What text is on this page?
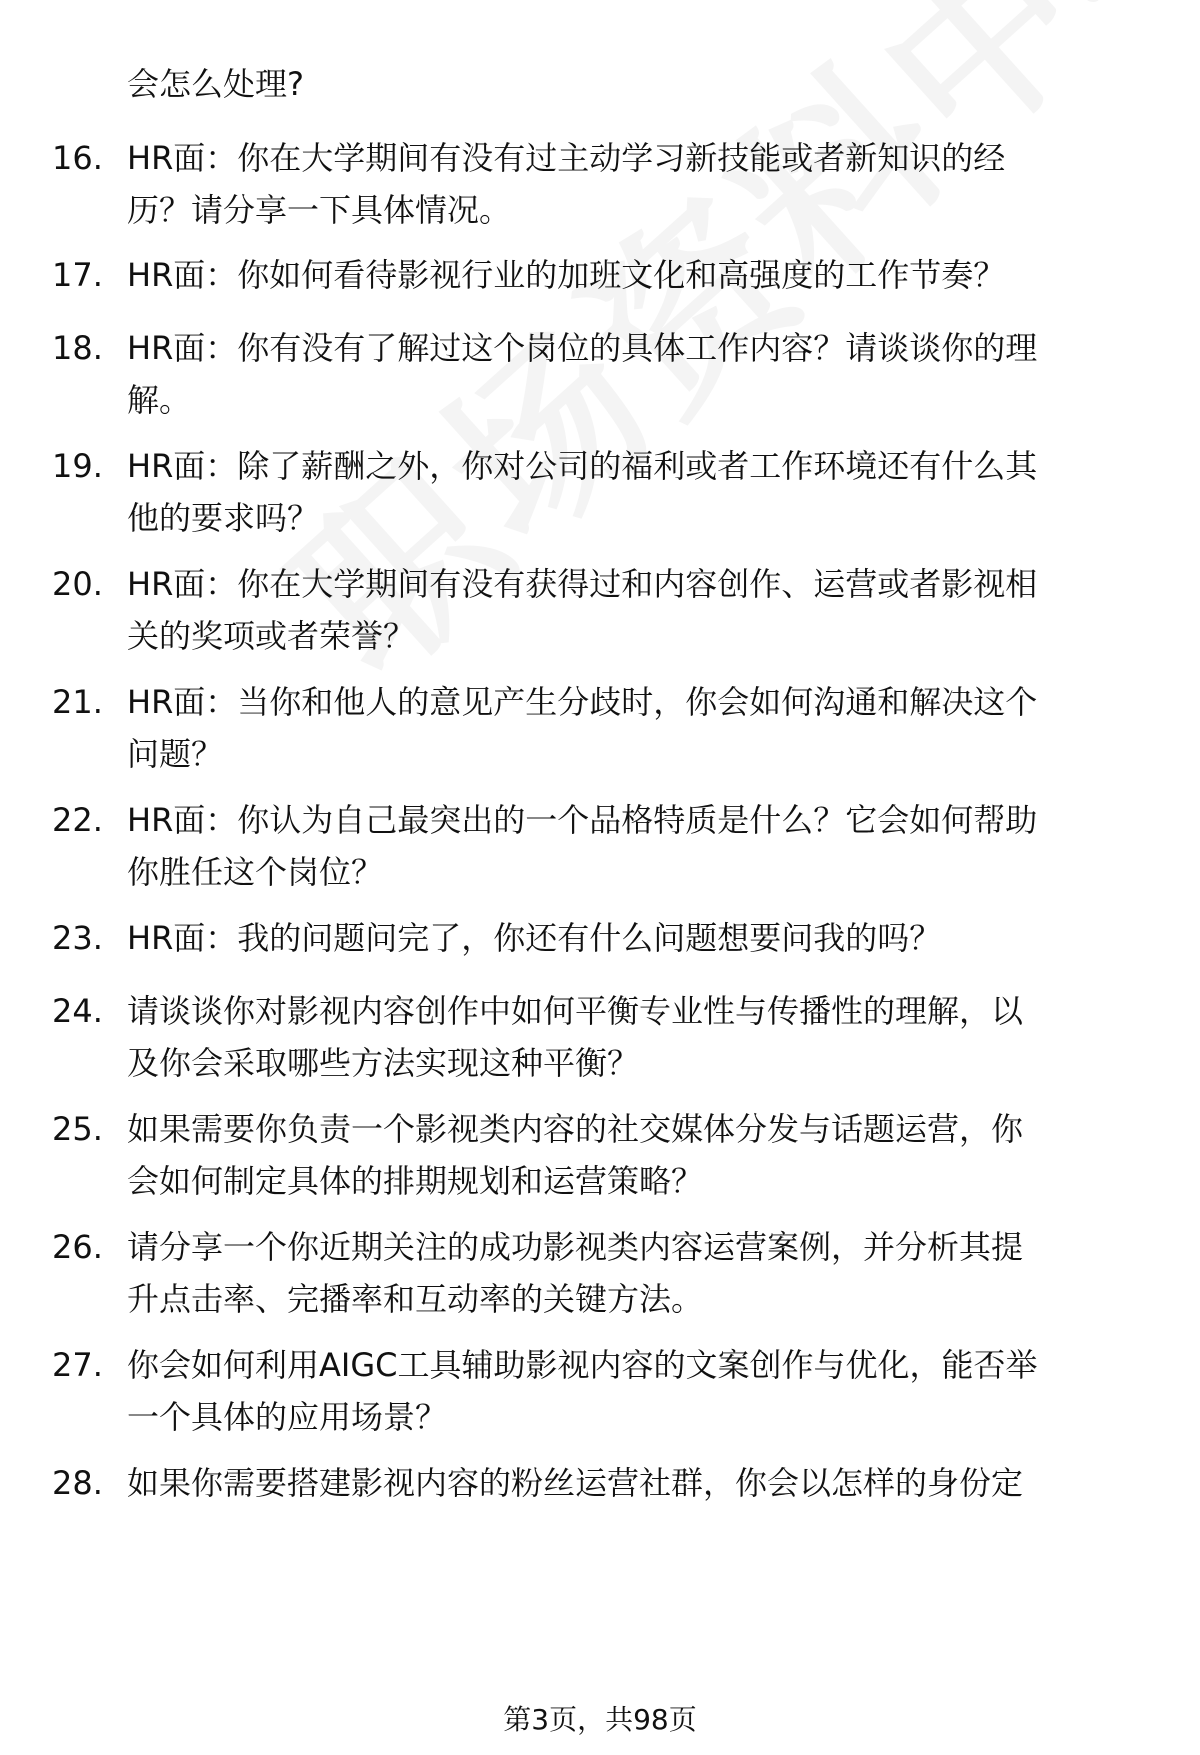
会怎么处理?
16. HR面：你在大学期间有没有过主动学习新技能或者新知识的经
历？请分享一下具体情况。
17. HR面：你如何看待影视行业的加班文化和高强度的工作节奏？
18. HR面：你有没有了解过这个岗位的具体工作内容？请谈谈你的理
解。
19. HR面：除了薪酬之外，你对公司的福利或者工作环境还有什么其
他的要求吗？
20. HR面：你在大学期间有没有获得过和内容创作、运营或者影视相
关的奖项或者荣誉？
21. HR面：当你和他人的意见产生分歧时，你会如何沟通和解决这个
问题？
22. HR面：你认为自己最突出的一个品格特质是什么？它会如何帮助
你胜任这个岗位？
23. HR面：我的问题问完了，你还有什么问题想要问我的吗？
24. 请谈谈你对影视内容创作中如何平衡专业性与传播性的理解，以
及你会采取哪些方法实现这种平衡？
25. 如果需要你负责一个影视类内容的社交媒体分发与话题运营，你
会如何制定具体的排期规划和运营策略？
26. 请分享一个你近期关注的成功影视类内容运营案例，并分析其提
升点击率、完播率和互动率的关键方法。
27. 你会如何利用AIGC工具辅助影视内容的文案创作与优化，能否举
一个具体的应用场景？
28. 如果你需要搭建影视内容的粉丝运营社群，你会以怎样的身份定
第3页，共98页
